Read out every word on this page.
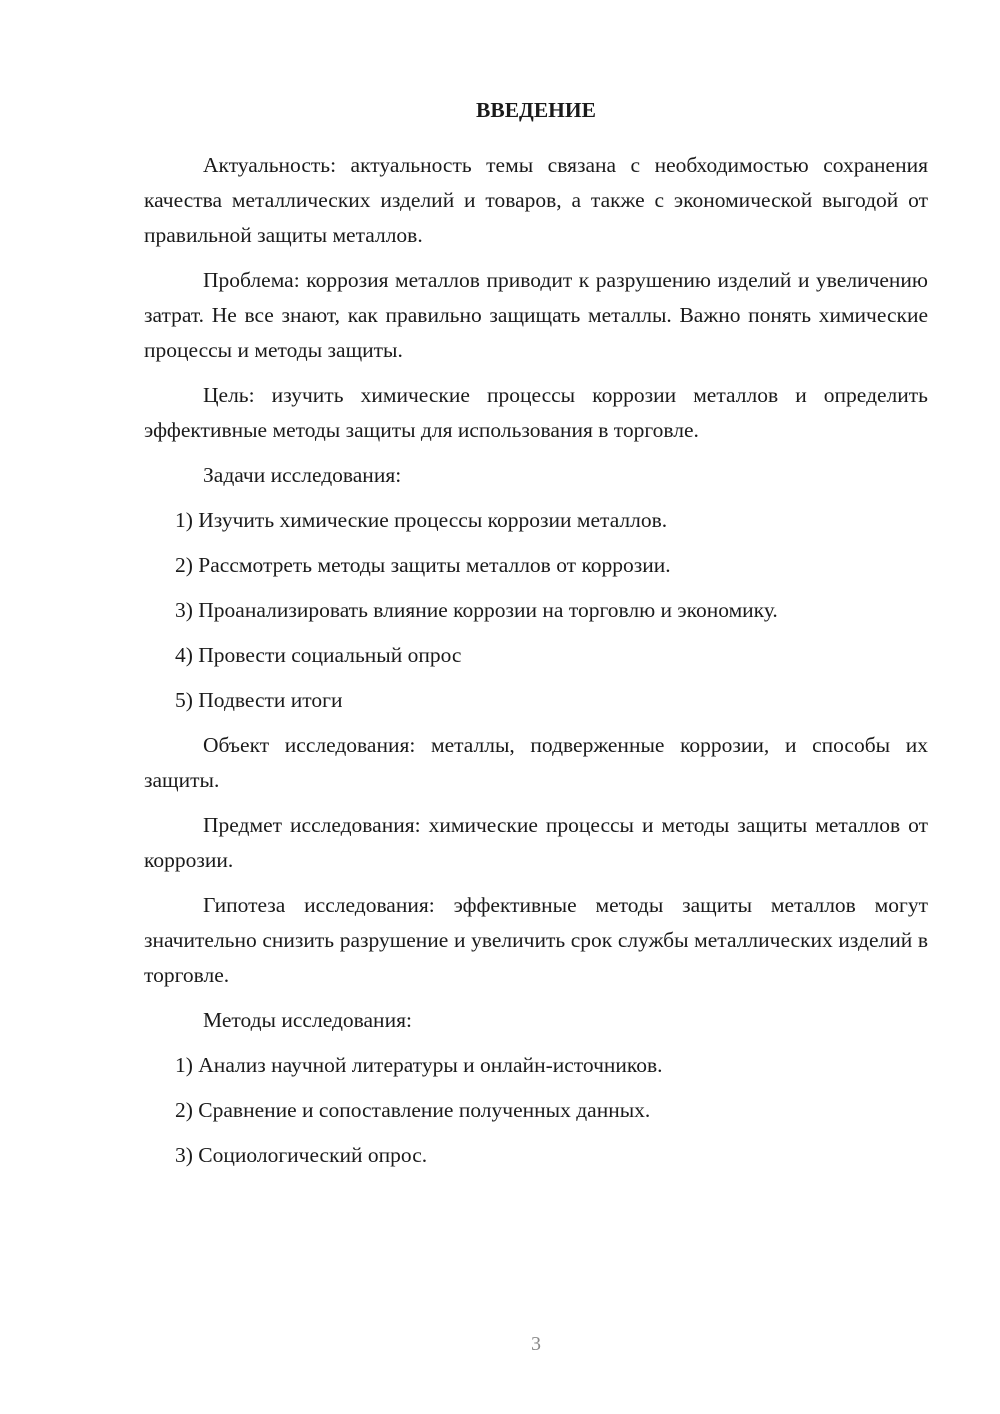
ВВЕДЕНИЕ

Актуальность: актуальность темы связана с необходимостью сохранения качества металлических изделий и товаров, а также с экономической выгодой от правильной защиты металлов.

Проблема: коррозия металлов приводит к разрушению изделий и увеличению затрат. Не все знают, как правильно защищать металлы. Важно понять химические процессы и методы защиты.

Цель: изучить химические процессы коррозии металлов и определить эффективные методы защиты для использования в торговле.

Задачи исследования:

1) Изучить химические процессы коррозии металлов.
2) Рассмотреть методы защиты металлов от коррозии.
3) Проанализировать влияние коррозии на торговлю и экономику.
4) Провести социальный опрос
5) Подвести итоги

Объект исследования: металлы, подверженные коррозии, и способы их защиты.

Предмет исследования: химические процессы и методы защиты металлов от коррозии.

Гипотеза исследования: эффективные методы защиты металлов могут значительно снизить разрушение и увеличить срок службы металлических изделий в торговле.

Методы исследования:

1) Анализ научной литературы и онлайн-источников.
2) Сравнение и сопоставление полученных данных.
3) Социологический опрос.
3
